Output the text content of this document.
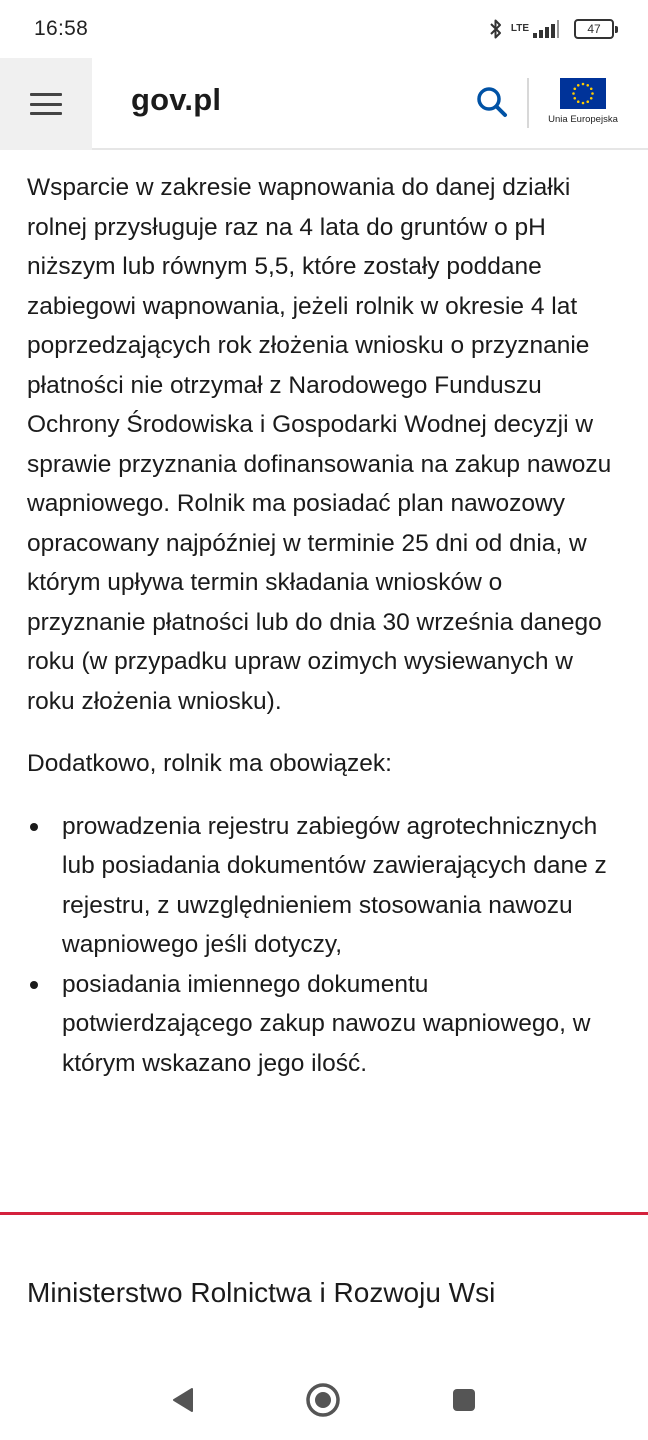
16:58	LTE	47
gov.pl
Unia Europejska

Wsparcie w zakresie wapnowania do danej działki rolnej przysługuje raz na 4 lata do gruntów o pH niższym lub równym 5,5, które zostały poddane zabiegowi wapnowania, jeżeli rolnik w okresie 4 lat poprzedzających rok złożenia wniosku o przyznanie płatności nie otrzymał z Narodowego Funduszu Ochrony Środowiska i Gospodarki Wodnej decyzji w sprawie przyznania dofinansowania na zakup nawozu wapniowego. Rolnik ma posiadać plan nawozowy opracowany najpóźniej w terminie 25 dni od dnia, w którym upływa termin składania wniosków o przyznanie płatności lub do dnia 30 września danego roku (w przypadku upraw ozimych wysiewanych w roku złożenia wniosku).

Dodatkowo, rolnik ma obowiązek:

prowadzenia rejestru zabiegów agrotechnicznych lub posiadania dokumentów zawierających dane z rejestru, z uwzględnieniem stosowania nawozu wapniowego jeśli dotyczy,
posiadania imiennego dokumentu potwierdzającego zakup nawozu wapniowego, w którym wskazano jego ilość.
Ministerstwo Rolnictwa i Rozwoju Wsi
